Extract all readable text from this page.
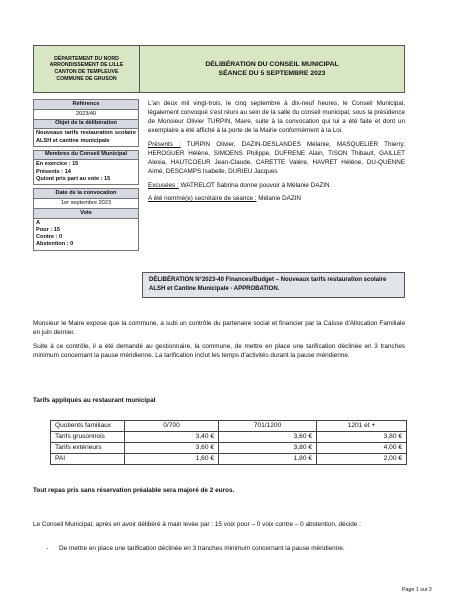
DÉPARTEMENT DU NORD
ARRONDISSEMENT DE LILLE
CANTON DE TEMPLEUVE
COMMUNE DE GRUSON
DÉLIBÉRATION DU CONSEIL MUNICIPAL
SÉANCE DU 5 SEPTEMBRE 2023
Référence
2023/40
Objet de la délibération
Nouveaux tarifs restauration scolaire ALSH et cantine municipale
Membres du Conseil Municipal
En exercice : 15
Présents : 14
Quiont pris part au vote : 15
Date de la convocation
1er septembre 2023
Vote
A
Pour : 15
Contre : 0
Abstention : 0

L'an deux mil vingt-trois, le cinq septembre à dix-neuf heures, le Conseil Municipal, légalement convoqué s'est réuni au sein de la salle du conseil municipal, sous la présidence de Monsieur Olivier TURPIN, Maire, suite à la convocation qui lui a été faite et dont un exemplaire a été affiché à la porte de la Mairie conformément à la Loi.

Présents : TURPIN Olivier, DAZIN-DESLANDES Mélanie, MASQUELIER Thierry, HEROGUER Hélène, SIMOENS Philippe, DUFRENE Alain, TISON Thibault, GAILLET Alexia, HAUTCOEUR Jean-Claude, CARETTE Valère, HAVRET Hélène, DU-QUENNE Aimé, DESCAMPS Isabelle, DURIEU Jacques

Excusées : WATRELOT Sabrina donne pouvoir à Mélanie DAZIN

A été nommé(e) secrétaire de séance : Mélanie DAZIN

DÉLIBÉRATION N°2023-40 Finances/Budget – Nouveaux tarifs restauration scolaire ALSH et Cantine Municipale - APPROBATION.

Monsieur le Maire expose que la commune, a subi un contrôle du partenaire social et financier par la Caisse d'Allocation Familiale en juin dernier.

Suite à ce contrôle, il a été demandé au gestionnaire, la commune, de mettre en place une tarification déclinée en 3 tranches minimum concernant la pause méridienne. La tarification inclut les temps d'activités durant la pause méridienne.

Tarifs appliqués au restaurant municipal
Quotients familiaux	0/700	701/1200	1201 et +
Tarifs grusonnois	3,40 €	3,60 €	3,80 €
Tarifs extérieurs	3,60 €	3,80 €	4,00 €
PAI	1,60 €	1,80 €	2,00 €
Tout repas pris sans réservation préalable sera majoré de 2 euros.
Le Conseil Municipal, après en avoir délibéré à main levée par : 15 voix pour – 0 voix contre – 0 abstention, décide :
-	De mettre en place une tarification déclinée en 3 tranches minimum concernant la pause méridienne.
Page 1 sur 2
